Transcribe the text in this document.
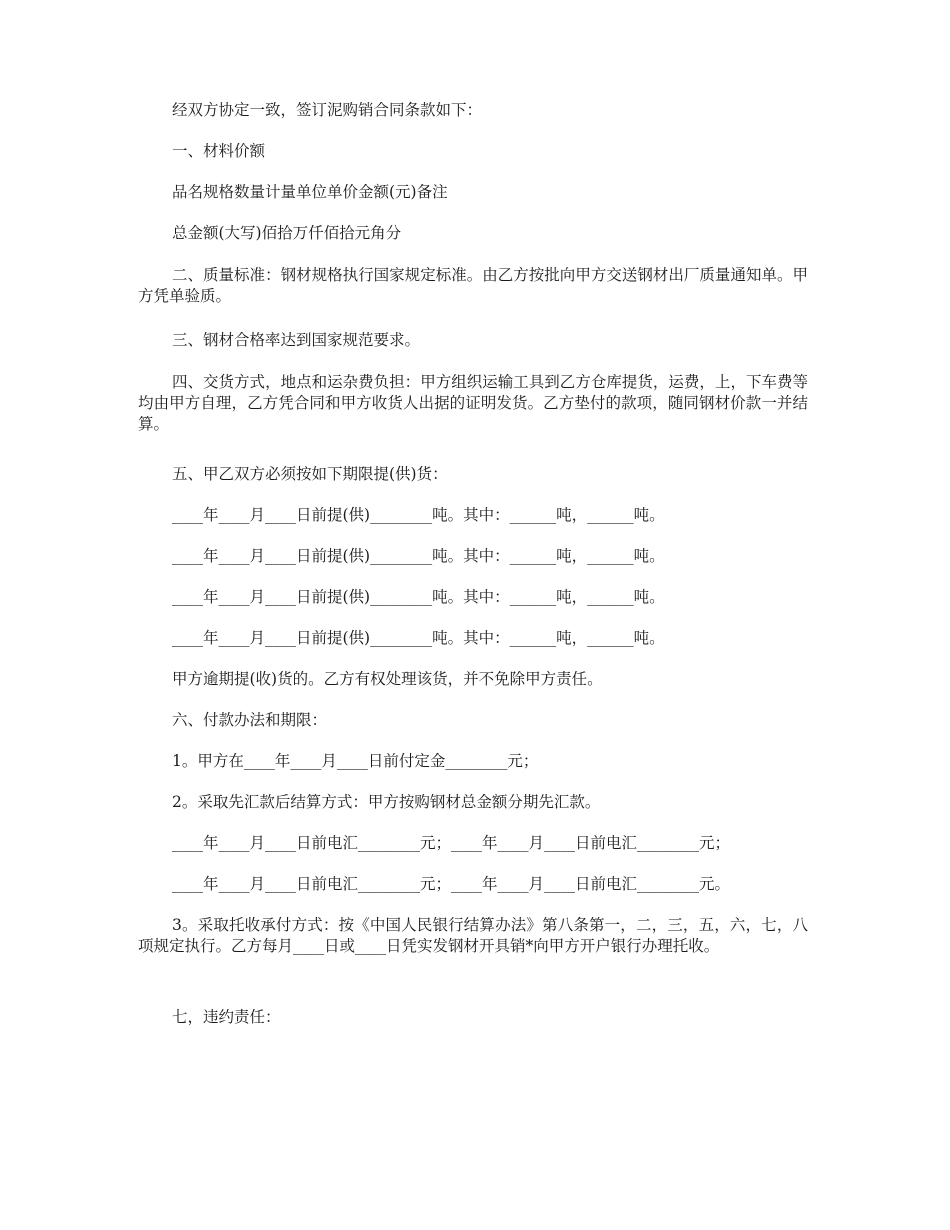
经双方协定一致，签订泥购销合同条款如下：

一、材料价额

品名规格数量计量单位单价金额(元)备注

总金额(大写)佰拾万仟佰拾元角分

二、质量标准：钢材规格执行国家规定标准。由乙方按批向甲方交送钢材出厂质量通知单。甲方凭单验质。

三、钢材合格率达到国家规范要求。

四、交货方式，地点和运杂费负担：甲方组织运输工具到乙方仓库提货，运费，上，下车费等均由甲方自理，乙方凭合同和甲方收货人出据的证明发货。乙方垫付的款项，随同钢材价款一并结算。

五、甲乙双方必须按如下期限提(供)货：

____年____月____日前提(供)________吨。其中：______吨，______吨。

____年____月____日前提(供)________吨。其中：______吨，______吨。

____年____月____日前提(供)________吨。其中：______吨，______吨。

____年____月____日前提(供)________吨。其中：______吨，______吨。

甲方逾期提(收)货的。乙方有权处理该货，并不免除甲方责任。

六、付款办法和期限：

1。甲方在____年____月____日前付定金________元；

2。采取先汇款后结算方式：甲方按购钢材总金额分期先汇款。

____年____月____日前电汇________元；____年____月____日前电汇________元；

____年____月____日前电汇________元；____年____月____日前电汇________元。

3。采取托收承付方式：按《中国人民银行结算办法》第八条第一，二，三，五，六，七，八项规定执行。乙方每月____日或____日凭实发钢材开具销*向甲方开户银行办理托收。

七，违约责任：
